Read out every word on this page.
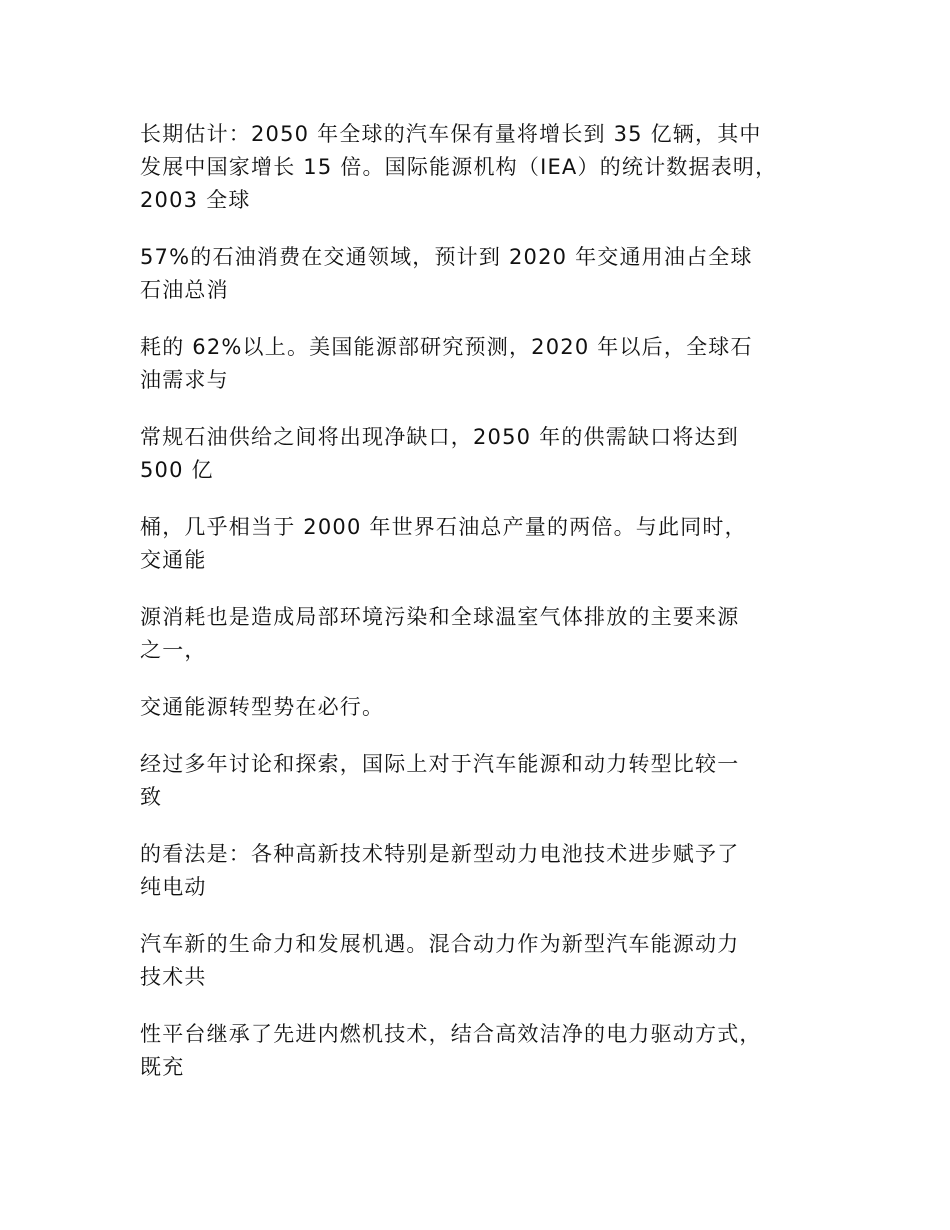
长期估计：2050 年全球的汽车保有量将增长到 35 亿辆，其中
发展中国家增长 15 倍。国际能源机构（IEA）的统计数据表明，
2003 全球

57%的石油消费在交通领域，预计到 2020 年交通用油占全球
石油总消

耗的 62%以上。美国能源部研究预测，2020 年以后，全球石
油需求与

常规石油供给之间将出现净缺口，2050 年的供需缺口将达到
500 亿

桶，几乎相当于 2000 年世界石油总产量的两倍。与此同时，
交通能

源消耗也是造成局部环境污染和全球温室气体排放的主要来源
之一，

交通能源转型势在必行。

经过多年讨论和探索，国际上对于汽车能源和动力转型比较一
致

的看法是：各种高新技术特别是新型动力电池技术进步赋予了
纯电动

汽车新的生命力和发展机遇。混合动力作为新型汽车能源动力
技术共

性平台继承了先进内燃机技术，结合高效洁净的电力驱动方式，
既充
